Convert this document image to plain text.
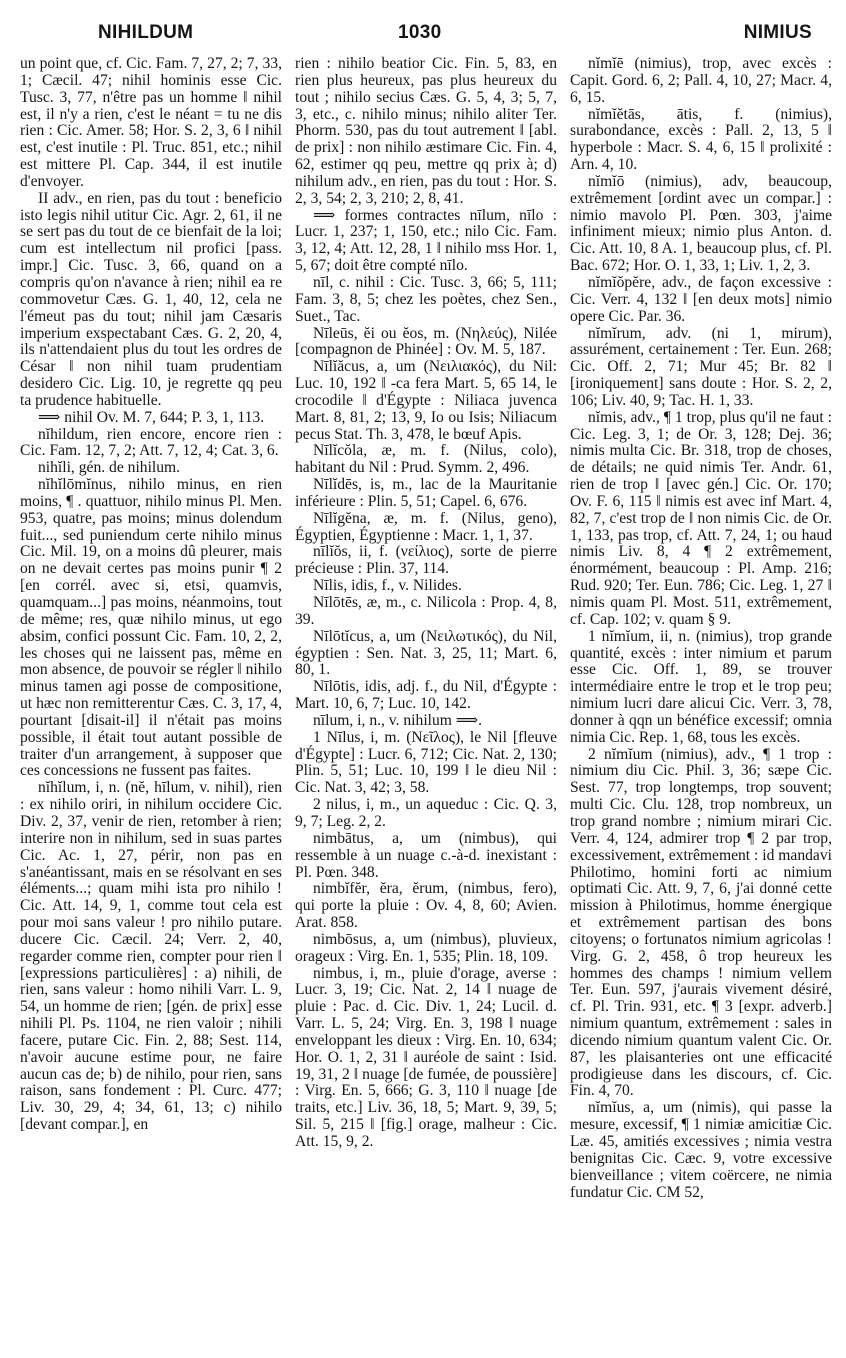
NIHILDUM	1030	NIMIUS

un point que, cf. Cic. Fam. 7, 27, 2; 7, 33, 1; Cæcil. 47; nihil hominis esse Cic. Tusc. 3, 77, n'être pas un homme ‖ nihil est, il n'y a rien, c'est le néant = tu ne dis rien : Cic. Amer. 58; Hor. S. 2, 3, 6 ‖ nihil est, c'est inutile : Pl. Truc. 851, etc.; nihil est mittere Pl. Cap. 344, il est inutile d'envoyer.

II adv., en rien, pas du tout : beneficio isto legis nihil utitur Cic. Agr. 2, 61, il ne se sert pas du tout de ce bienfait de la loi; cum est intellectum nil profici [pass. impr.] Cic. Tusc. 3, 66, quand on a compris qu'on n'avance à rien; nihil ea re commovetur Cæs. G. 1, 40, 12, cela ne l'émeut pas du tout; nihil jam Cæsaris imperium exspectabant Cæs. G. 2, 20, 4, ils n'attendaient plus du tout les ordres de César ‖ non nihil tuam prudentiam desidero Cic. Lig. 10, je regrette qq peu ta prudence habituelle.

⟹ nihil Ov. M. 7, 644; P. 3, 1, 113.

nĭhildum, rien encore, encore rien : Cic. Fam. 12, 7, 2; Att. 7, 12, 4; Cat. 3, 6.

nihĭli, gén. de nihilum.

nĭhĭlōmĭnus, nihilo minus, en rien moins, ¶ . quattuor, nihilo minus Pl. Men. 953, quatre, pas moins; minus dolendum fuit..., sed puniendum certe nihilo minus Cic. Mil. 19, on a moins dû pleurer, mais on ne devait certes pas moins punir ¶ 2 [en corrél. avec si, etsi, quamvis, quamquam...] pas moins, néanmoins, tout de même; res, quæ nihilo minus, ut ego absim, confici possunt Cic. Fam. 10, 2, 2, les choses qui ne laissent pas, même en mon absence, de pouvoir se régler ‖ nihilo minus tamen agi posse de compositione, ut hæc non remitterentur Cæs. C. 3, 17, 4, pourtant [disait-il] il n'était pas moins possible, il était tout autant possible de traiter d'un arrangement, à supposer que ces concessions ne fussent pas faites.

nĭhĭlum, i, n. (nĕ, hīlum, v. nihil), rien : ex nihilo oriri, in nihilum occidere Cic. Div. 2, 37, venir de rien, retomber à rien; interire non in nihilum, sed in suas partes Cic. Ac. 1, 27, périr, non pas en s'anéantissant, mais en se résolvant en ses éléments...; quam mihi ista pro nihilo ! Cic. Att. 14, 9, 1, comme tout cela est pour moi sans valeur ! pro nihilo putare. ducere Cic. Cæcil. 24; Verr. 2, 40, regarder comme rien, compter pour rien ‖ [expressions particulières] : a) nihili, de rien, sans valeur : homo nihili Varr. L. 9, 54, un homme de rien; [gén. de prix] esse nihili Pl. Ps. 1104, ne rien valoir ; nihili facere, putare Cic. Fin. 2, 88; Sest. 114, n'avoir aucune estime pour, ne faire aucun cas de; b) de nihilo, pour rien, sans raison, sans fondement : Pl. Curc. 477; Liv. 30, 29, 4; 34, 61, 13; c) nihilo [devant compar.], en

rien : nihilo beatior Cic. Fin. 5, 83, en rien plus heureux, pas plus heureux du tout ; nihilo secius Cæs. G. 5, 4, 3; 5, 7, 3, etc., c. nihilo minus; nihilo aliter Ter. Phorm. 530, pas du tout autrement ‖ [abl. de prix] : non nihilo æstimare Cic. Fin. 4, 62, estimer qq peu, mettre qq prix à; d) nihilum adv., en rien, pas du tout : Hor. S. 2, 3, 54; 2, 3, 210; 2, 8, 41.

⟹ formes contractes nīlum, nīlo : Lucr. 1, 237; 1, 150, etc.; nilo Cic. Fam. 3, 12, 4; Att. 12, 28, 1 ‖ nihilo mss Hor. 1, 5, 67; doit être compté nīlo.

nīl, c. nihil : Cic. Tusc. 3, 66; 5, 111; Fam. 3, 8, 5; chez les poètes, chez Sen., Suet., Tac.

Nīleūs, ĕi ou ĕos, m. (Νηλεύς), Nilée [compagnon de Phinée] : Ov. M. 5, 187.

Nīlĭăcus, a, um (Νειλιακός), du Nil: Luc. 10, 192 ‖ -ca fera Mart. 5, 65 14, le crocodile ‖ d'Égypte : Niliaca juvenca Mart. 8, 81, 2; 13, 9, Io ou Isis; Niliacum pecus Stat. Th. 3, 478, le bœuf Apis.

Nīlĭcŏla, æ, m. f. (Nilus, colo), habitant du Nil : Prud. Symm. 2, 496.

Nīlĭdēs, is, m., lac de la Mauritanie inférieure : Plin. 5, 51; Capel. 6, 676.

Nīlĭgĕna, æ, m. f. (Nilus, geno), Égyptien, Égyptienne : Macr. 1, 1, 37.

nīlĭŏs, ii, f. (νείλιος), sorte de pierre précieuse : Plin. 37, 114.

Nīlis, idis, f., v. Nilides.

Nīlōtēs, æ, m., c. Nilicola : Prop. 4, 8, 39.

Nīlōtĭcus, a, um (Νειλωτικός), du Nil, égyptien : Sen. Nat. 3, 25, 11; Mart. 6, 80, 1.

Nīlōtis, idis, adj. f., du Nil, d'Égypte : Mart. 10, 6, 7; Luc. 10, 142.

nīlum, i, n., v. nihilum ⟹.

1 Nīlus, i, m. (Νεῖλος), le Nil [fleuve d'Égypte] : Lucr. 6, 712; Cic. Nat. 2, 130; Plin. 5, 51; Luc. 10, 199 ‖ le dieu Nil : Cic. Nat. 3, 42; 3, 58.

2 nilus, i, m., un aqueduc : Cic. Q. 3, 9, 7; Leg. 2, 2.

nimbātus, a, um (nimbus), qui ressemble à un nuage c.-à-d. inexistant : Pl. Pœn. 348.

nimbĭfĕr, ĕra, ĕrum, (nimbus, fero), qui porte la pluie : Ov. 4, 8, 60; Avien. Arat. 858.

nimbōsus, a, um (nimbus), pluvieux, orageux : Virg. En. 1, 535; Plin. 18, 109.

nimbus, i, m., pluie d'orage, averse : Lucr. 3, 19; Cic. Nat. 2, 14 ‖ nuage de pluie : Pac. d. Cic. Div. 1, 24; Lucil. d. Varr. L. 5, 24; Virg. En. 3, 198 ‖ nuage enveloppant les dieux : Virg. En. 10, 634; Hor. O. 1, 2, 31 ‖ auréole de saint : Isid. 19, 31, 2 ‖ nuage [de fumée, de poussière] : Virg. En. 5, 666; G. 3, 110 ‖ nuage [de traits, etc.] Liv. 36, 18, 5; Mart. 9, 39, 5; Sil. 5, 215 ‖ [fig.] orage, malheur : Cic. Att. 15, 9, 2.

nĭmĭē (nimius), trop, avec excès : Capit. Gord. 6, 2; Pall. 4, 10, 27; Macr. 4, 6, 15.

nĭmĭĕtās, ātis, f. (nimius), surabondance, excès : Pall. 2, 13, 5 ‖ hyperbole : Macr. S. 4, 6, 15 ‖ prolixité : Arn. 4, 10.

nĭmĭō (nimius), adv, beaucoup, extrêmement [ordint avec un compar.] : nimio mavolo Pl. Pœn. 303, j'aime infiniment mieux; nimio plus Anton. d. Cic. Att. 10, 8 A. 1, beaucoup plus, cf. Pl. Bac. 672; Hor. O. 1, 33, 1; Liv. 1, 2, 3.

nĭmĭŏpĕre, adv., de façon excessive : Cic. Verr. 4, 132 ‖ [en deux mots] nimio opere Cic. Par. 36.

nĭmĭrum, adv. (ni 1, mirum), assurément, certainement : Ter. Eun. 268; Cic. Off. 2, 71; Mur 45; Br. 82 ‖ [ironiquement] sans doute : Hor. S. 2, 2, 106; Liv. 40, 9; Tac. H. 1, 33.

nĭmis, adv., ¶ 1 trop, plus qu'il ne faut : Cic. Leg. 3, 1; de Or. 3, 128; Dej. 36; nimis multa Cic. Br. 318, trop de choses, de détails; ne quid nimis Ter. Andr. 61, rien de trop ‖ [avec gén.] Cic. Or. 170; Ov. F. 6, 115 ‖ nimis est avec inf Mart. 4, 82, 7, c'est trop de ‖ non nimis Cic. de Or. 1, 133, pas trop, cf. Att. 7, 24, 1; ou haud nimis Liv. 8, 4 ¶ 2 extrêmement, énormément, beaucoup : Pl. Amp. 216; Rud. 920; Ter. Eun. 786; Cic. Leg. 1, 27 ‖ nimis quam Pl. Most. 511, extrêmement, cf. Cap. 102; v. quam § 9.

1 nĭmĭum, ii, n. (nimius), trop grande quantité, excès : inter nimium et parum esse Cic. Off. 1, 89, se trouver intermédiaire entre le trop et le trop peu; nimium lucri dare alicui Cic. Verr. 3, 78, donner à qqn un bénéfice excessif; omnia nimia Cic. Rep. 1, 68, tous les excès.

2 nĭmĭum (nimius), adv., ¶ 1 trop : nimium diu Cic. Phil. 3, 36; sæpe Cic. Sest. 77, trop longtemps, trop souvent; multi Cic. Clu. 128, trop nombreux, un trop grand nombre ; nimium mirari Cic. Verr. 4, 124, admirer trop ¶ 2 par trop, excessivement, extrêmement : id mandavi Philotimo, homini forti ac nimium optimati Cic. Att. 9, 7, 6, j'ai donné cette mission à Philotimus, homme énergique et extrêmement partisan des bons citoyens; o fortunatos nimium agricolas ! Virg. G. 2, 458, ô trop heureux les hommes des champs ! nimium vellem Ter. Eun. 597, j'aurais vivement désiré, cf. Pl. Trin. 931, etc. ¶ 3 [expr. adverb.] nimium quantum, extrêmement : sales in dicendo nimium quantum valent Cic. Or. 87, les plaisanteries ont une efficacité prodigieuse dans les discours, cf. Cic. Fin. 4, 70.

nĭmĭus, a, um (nimis), qui passe la mesure, excessif, ¶ 1 nimiæ amicitiæ Cic. Læ. 45, amitiés excessives ; nimia vestra benignitas Cic. Cæc. 9, votre excessive bienveillance ; vitem coërcere, ne nimia fundatur Cic. CM 52,
